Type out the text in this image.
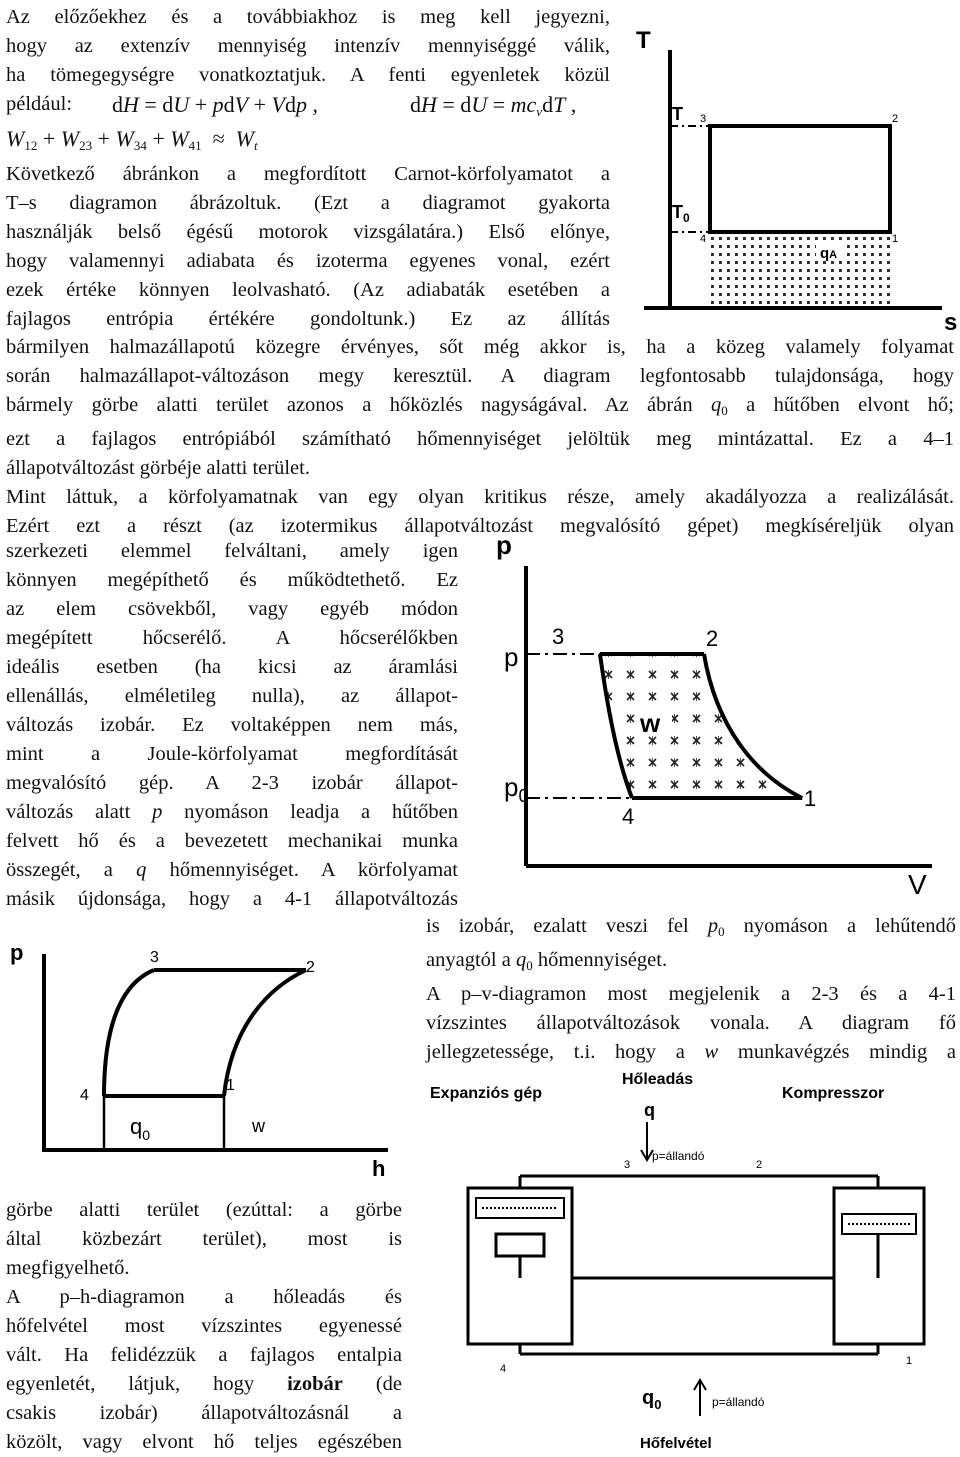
Az előzőekhez és a továbbiakhoz is meg kell jegyezni,
hogy az extenzív mennyiség intenzív mennyiséggé válik,
ha tömegegységre vonatkoztatjuk. A fenti egyenletek közül
például: dH = dU + pdV + Vdp ,	dH = dU = $mc_vdT$ ,
$W_{12} + W_{23} + W_{34} + W_{41} \approx W_t$
Következő ábránkon a megfordított Carnot-körfolyamatot a
T–s diagramon ábrázoltuk. (Ezt a diagramot gyakorta
használják belső égésű motorok vizsgálatára.) Első előnye,
hogy valamennyi adiabata és izoterma egyenes vonal, ezért
ezek értéke könnyen leolvasható. (Az adiabaták esetében a
fajlagos entrópia értékére gondoltunk.) Ez az állítás
T
s
T
$T_0$
3	2
4	1
qA
bármilyen halmazállapotú közegre érvényes, sőt még akkor is, ha a közeg valamely folyamat
során halmazállapot-változáson megy keresztül. A diagram legfontosabb tulajdonsága, hogy
bármely görbe alatti terület azonos a hőközlés nagyságával. Az ábrán $q_0$ a hűtőben elvont hő;
ezt a fajlagos entrópiából számítható hőmennyiséget jelöltük meg mintázattal. Ez a 4–1
állapotváltozást görbéje alatti terület.
Mint láttuk, a körfolyamatnak van egy olyan kritikus része, amely akadályozza a realizálását.
Ezért ezt a részt (az izotermikus állapotváltozást megvalósító gépet) megkíséreljük olyan
szerkezeti elemmel felváltani, amely igen
könnyen megépíthető és működtethető. Ez
az elem csövekből, vagy egyéb módon
megépített hőcserélő. A hőcserélőkben
ideális esetben (ha kicsi az áramlási
ellenállás, elméletileg nulla), az állapot-
változás izobár. Ez voltaképpen nem más,
mint a Joule-körfolyamat megfordítását
megvalósító gép. A 2-3 izobár állapot-
változás alatt p nyomáson leadja a hűtőben
felvett hő és a bevezetett mechanikai munka
összegét, a q hőmennyiséget. A körfolyamat
másik újdonsága, hogy a 4-1 állapotváltozás
p
V
p
$p_0$
3	2
4
1
w
is izobár, ezalatt veszi fel $p_0$ nyomáson a lehűtendő
anyagtól a $q_0$ hőmennyiséget.
A p–v-diagramon most megjelenik a 2-3 és a 4-1
vízszintes állapotváltozások vonala. A diagram fő
jellegzetessége, t.i. hogy a w munkavégzés mindig a
p
h
3
2
4
1
$q_0$	w
görbe alatti terület (ezúttal: a görbe
által közbezárt terület), most is
megfigyelhető.
A p–h-diagramon a hőleadás és
hőfelvétel most vízszintes egyenessé
vált. Ha felidézzük a fajlagos entalpia
egyenletét, látjuk, hogy izobár (de
csakis izobár) állapotváltozásnál a
közölt, vagy elvont hő teljes egészében
Expanziós gép
Hőleadás
Kompresszor
q
p=állandó
3	2
4
1
$q_0$	p=állandó
Hőfelvétel
